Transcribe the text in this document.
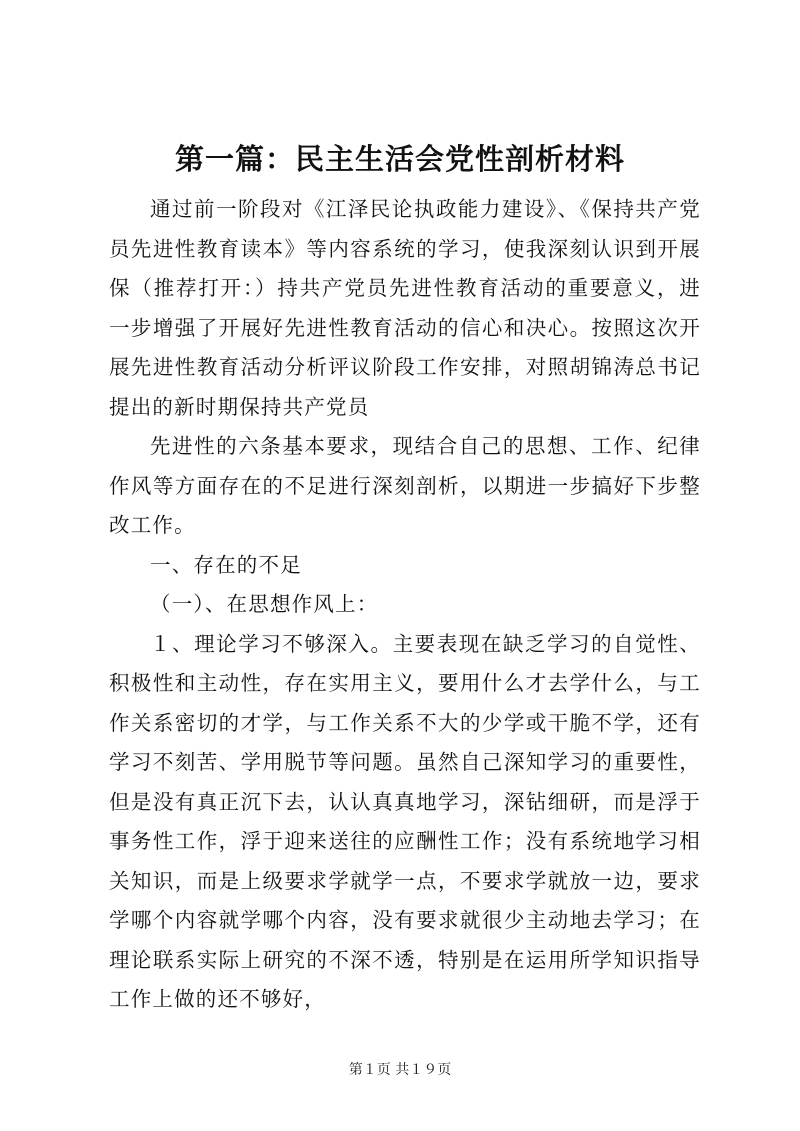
第一篇：民主生活会党性剖析材料

通过前一阶段对《江泽民论执政能力建设》、《保持共产党员先进性教育读本》等内容系统的学习，使我深刻认识到开展保（推荐打开：）持共产党员先进性教育活动的重要意义，进一步增强了开展好先进性教育活动的信心和决心。按照这次开展先进性教育活动分析评议阶段工作安排，对照胡锦涛总书记提出的新时期保持共产党员

先进性的六条基本要求，现结合自己的思想、工作、纪律作风等方面存在的不足进行深刻剖析，以期进一步搞好下步整改工作。

一、存在的不足

（一）、在思想作风上：

１、理论学习不够深入。主要表现在缺乏学习的自觉性、积极性和主动性，存在实用主义，要用什么才去学什么，与工作关系密切的才学，与工作关系不大的少学或干脆不学，还有学习不刻苦、学用脱节等问题。虽然自己深知学习的重要性，但是没有真正沉下去，认认真真地学习，深钻细研，而是浮于事务性工作，浮于迎来送往的应酬性工作；没有系统地学习相关知识，而是上级要求学就学一点，不要求学就放一边，要求学哪个内容就学哪个内容，没有要求就很少主动地去学习；在理论联系实际上研究的不深不透，特别是在运用所学知识指导工作上做的还不够好，

第１页 共１９页
